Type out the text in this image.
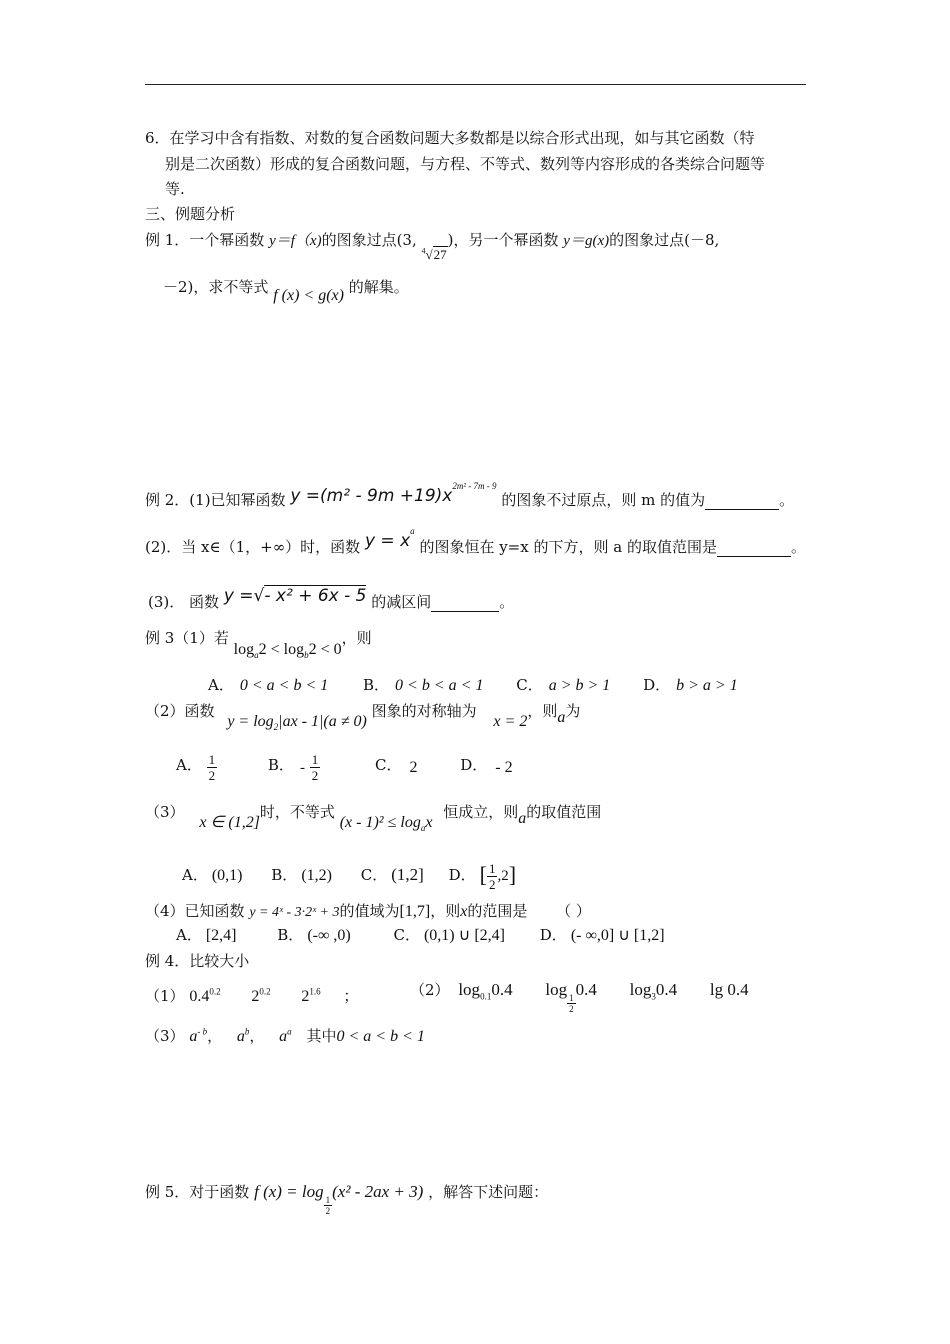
6．在学习中含有指数、对数的复合函数问题大多数都是以综合形式出现，如与其它函数（特
别是二次函数）形成的复合函数问题，与方程、不等式、数列等内容形成的各类综合问题等
等.
三、例题分析
例 1．一个幂函数 y＝f（x)的图象过点(3, $^4$√27)，另一个幂函数 y＝g(x)的图象过点(－8,
－2)，求不等式 f (x) < g(x) 的解集。
例 2．(1)已知幂函数 $y =(m^2 - 9m +19)x^{2m^2 - 7m - 9}$ 的图象不过原点，则 m 的值为	。
(2)．当 x∈（1，+∞）时，函数 $y = x^a$ 的图象恒在 y=x 的下方，则 a 的取值范围是	。
(3)． 函数 y =√- x² + 6x - 5 的减区间	。
例 3（1）若 $\log_a2 < \log_b2 < 0$，则
A． 0 < a < b < 1 B． 0 < b < a < 1 C． a > b > 1 D． b > a > 1
（2）函数 $y = \log_2|ax - 1|(a \ne 0)$ 图象的对称轴为 x = 2，则a为
A． $\frac{1}{2}$	B． - $\frac{1}{2}$	C． 2	D． - 2
（3） x ∈ (1,2]时，不等式 $(x - 1)^2 \le \log_ax$ 恒成立，则a的取值范围
A． (0,1) B． (1,2) C． (1,2] D． [ $\frac{1}{2} ,2$]
（4）已知函数 y = 4ˣ - 3·2ˣ + 3的值域为[1,7]，则x的范围是 （ ）
A． [2,4]	B． (-∞ ,0)	C． (0,1) ∪ [2,4] D． (- ∞,0] ∪ [1,2]
例 4．比较大小
（1） $0.4^{0.2}$ $2^{0.2}$ $2^{1.6}$ ；	（2） $\log_{0.1}0.4$ log
$\frac{1}{2}$
0.4 $\log_30.4$ lg 0.4
（3） $a^{- b}$， $a^b$， $a^a$ 其中0 < a < b < 1
例 5．对于函数 f (x) = log
$\frac{1}{2}$
(x² - 2ax + 3) ，解答下述问题：
